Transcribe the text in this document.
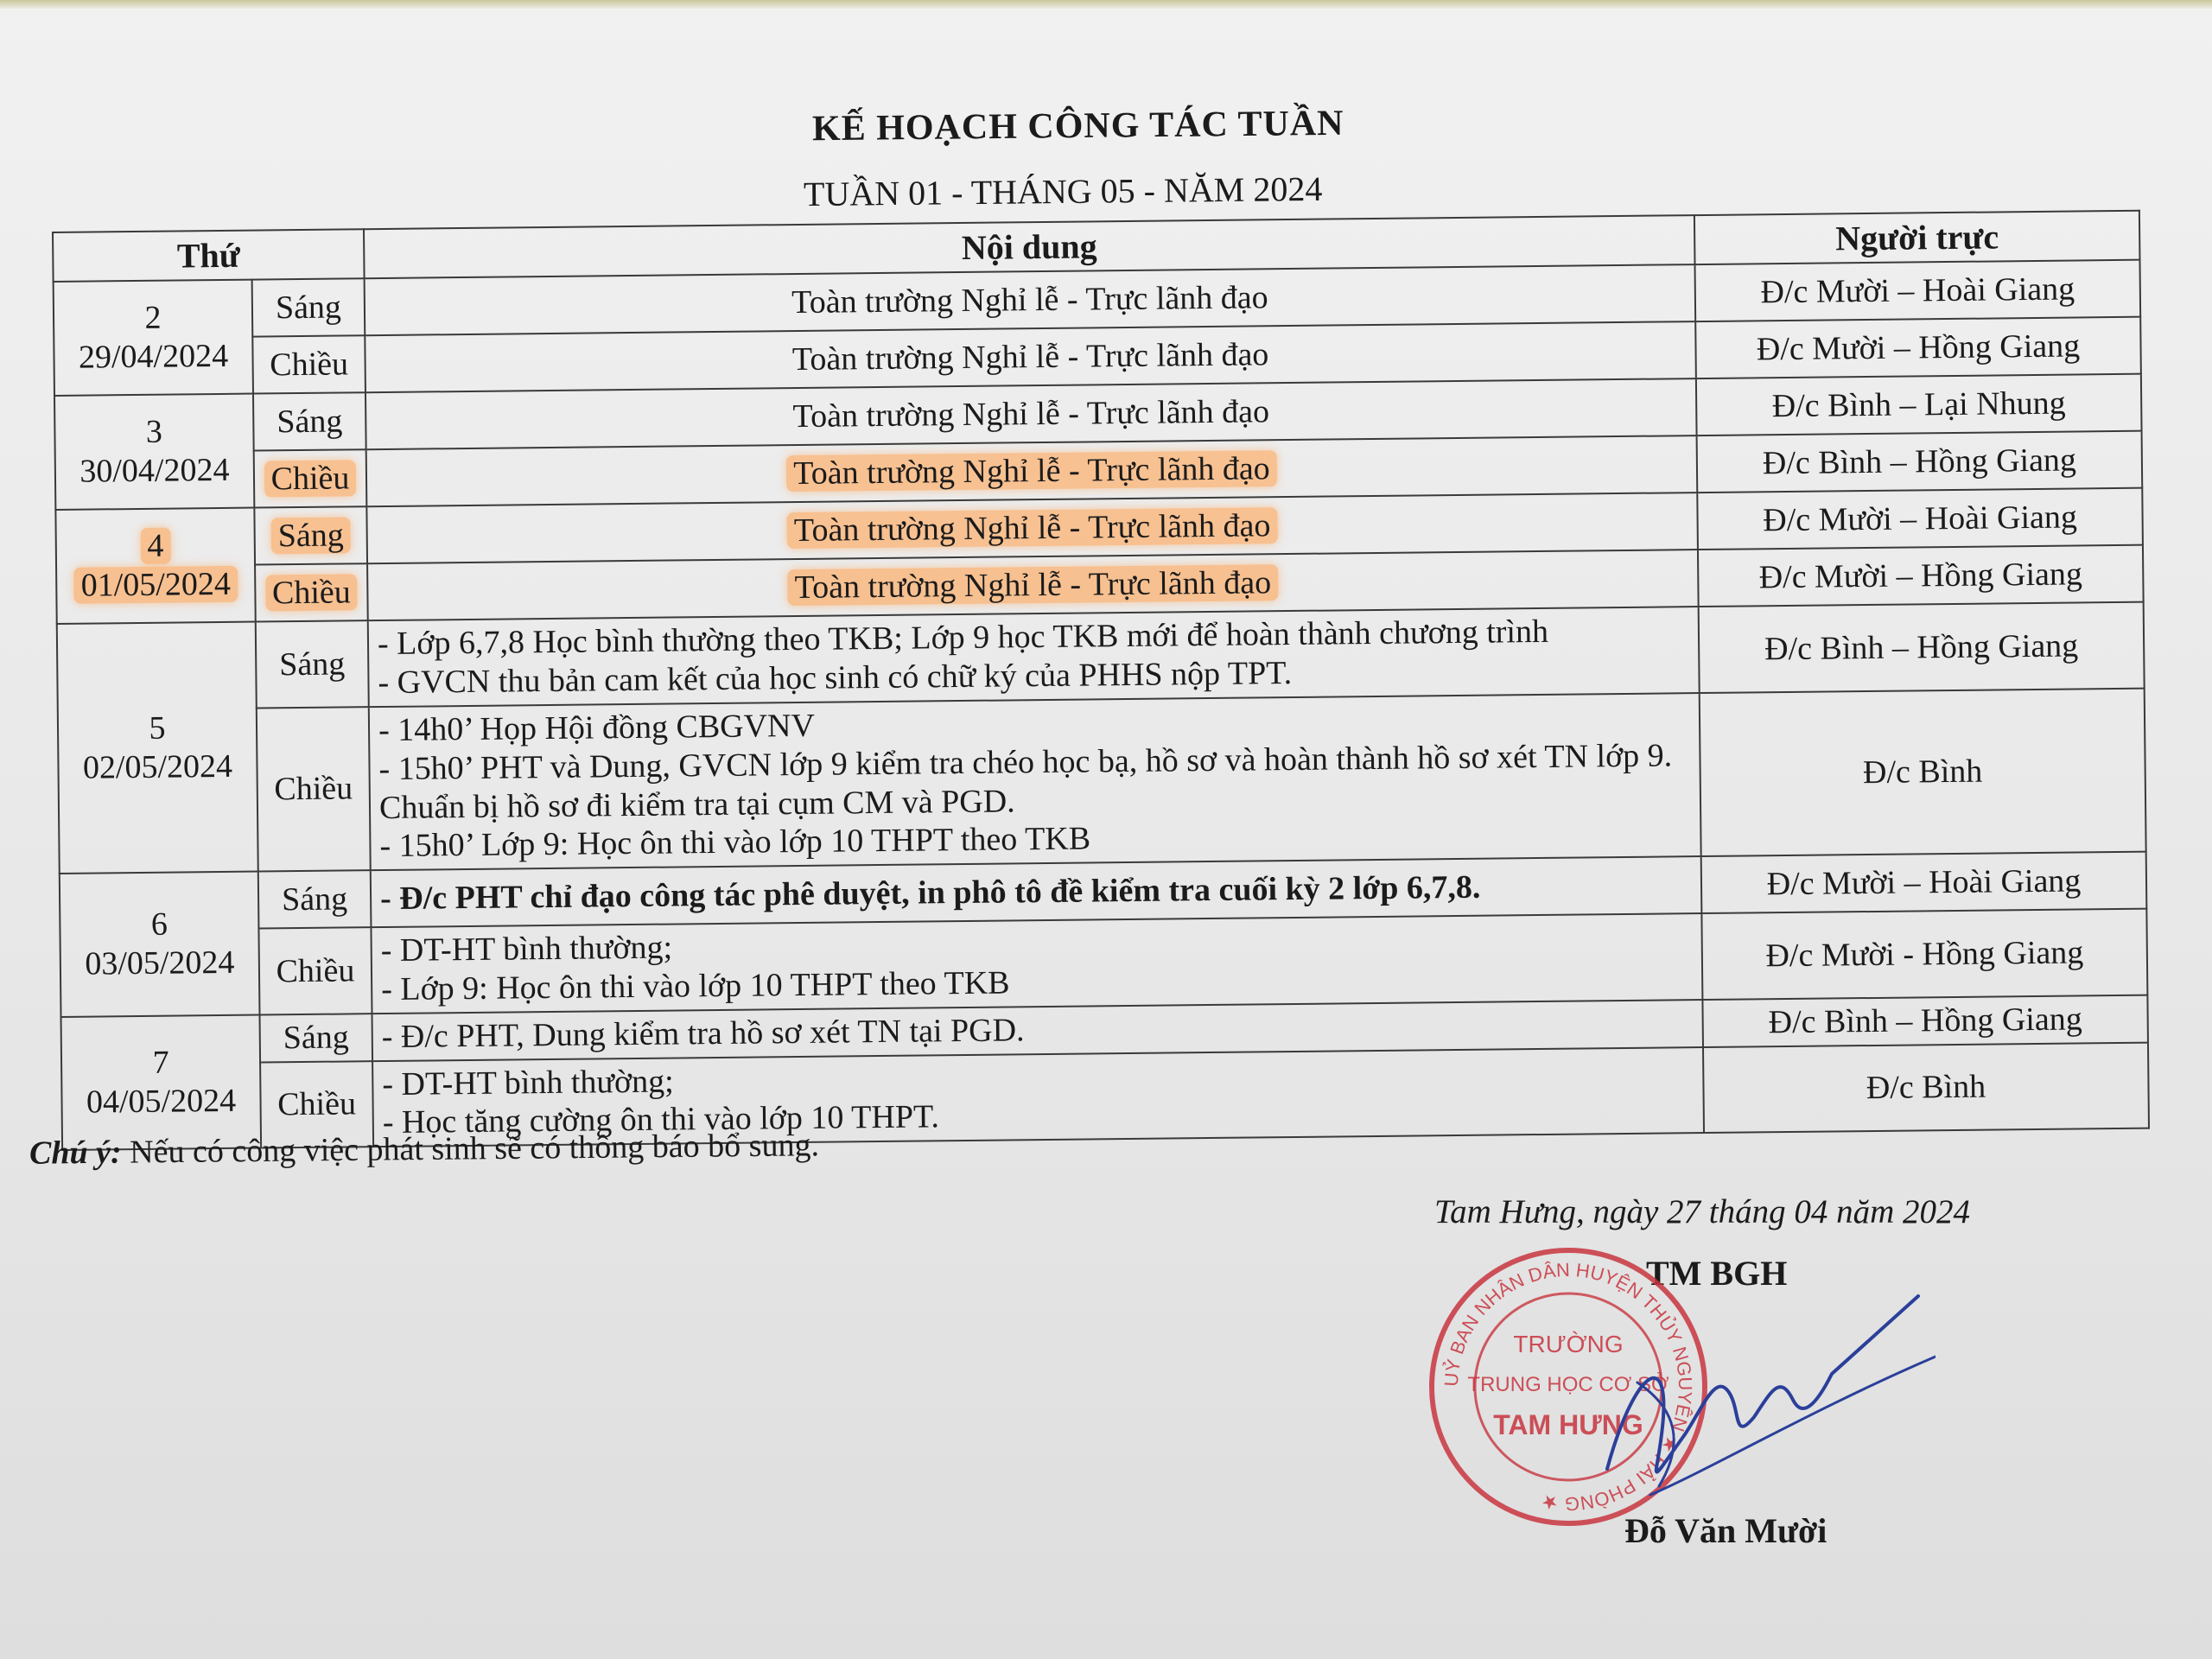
KẾ HOẠCH CÔNG TÁC TUẦN
TUẦN 01 - THÁNG 05 - NĂM 2024
Thứ		Nội dung	Người trực

2
29/04/2024	Sáng	Toàn trường Nghỉ lễ - Trực lãnh đạo	Đ/c Mười – Hoài Giang
	Chiều	Toàn trường Nghỉ lễ - Trực lãnh đạo	Đ/c Mười – Hồng Giang

3
30/04/2024	Sáng	Toàn trường Nghỉ lễ - Trực lãnh đạo	Đ/c Bình – Lại Nhung
	Chiều	Toàn trường Nghỉ lễ - Trực lãnh đạo	Đ/c Bình – Hồng Giang

4
01/05/2024	Sáng	Toàn trường Nghỉ lễ - Trực lãnh đạo	Đ/c Mười – Hoài Giang
	Chiều	Toàn trường Nghỉ lễ - Trực lãnh đạo	Đ/c Mười – Hồng Giang

5
02/05/2024	Sáng	- Lớp 6,7,8 Học bình thường theo TKB; Lớp 9 học TKB mới để hoàn thành chương trình
- GVCN thu bản cam kết của học sinh có chữ ký của PHHS nộp TPT.	Đ/c Bình – Hồng Giang
	Chiều	- 14h0’ Họp Hội đồng CBGVNV
- 15h0’ PHT và Dung, GVCN lớp 9 kiểm tra chéo học bạ, hồ sơ và hoàn thành hồ sơ xét TN lớp 9. Chuẩn bị hồ sơ đi kiểm tra tại cụm CM và PGD.
- 15h0’ Lớp 9: Học ôn thi vào lớp 10 THPT theo TKB	Đ/c Bình

6
03/05/2024	Sáng	- Đ/c PHT chỉ đạo công tác phê duyệt, in phô tô đề kiểm tra cuối kỳ 2 lớp 6,7,8.	Đ/c Mười – Hoài Giang
	Chiều	- DT-HT bình thường;
- Lớp 9: Học ôn thi vào lớp 10 THPT theo TKB	Đ/c Mười - Hồng Giang

7
04/05/2024	Sáng	- Đ/c PHT, Dung kiểm tra hồ sơ xét TN tại PGD.	Đ/c Bình – Hồng Giang
	Chiều	- DT-HT bình thường;
- Học tăng cường ôn thi vào lớp 10 THPT.	Đ/c Bình
Chú ý: Nếu có công việc phát sinh sẽ có thông báo bổ sung.
Tam Hưng, ngày 27 tháng 04 năm 2024
TM BGH
UỶ BAN NHÂN DÂN HUYỆN THỦY NGUYÊN ★ HẢI PHÒNG ★
TRƯỜNG
TRUNG HỌC CƠ SỞ
TAM HƯNG
Đỗ Văn Mười
